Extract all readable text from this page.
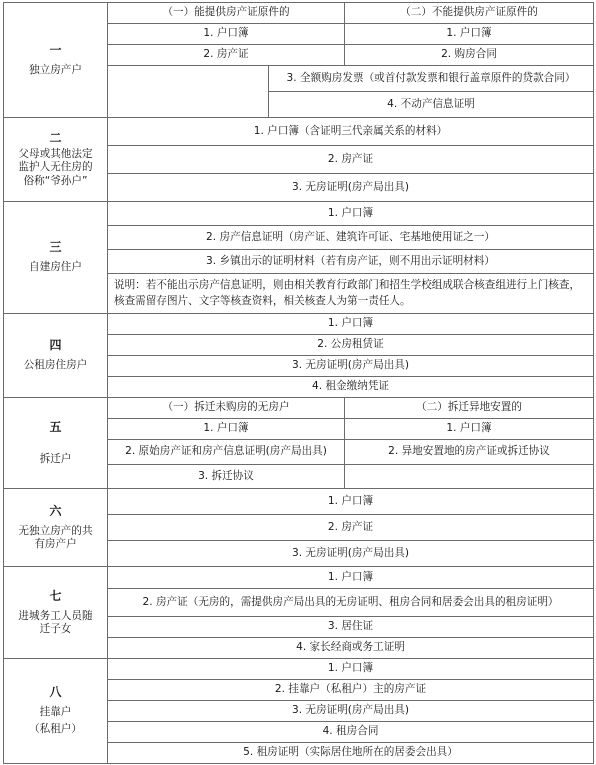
一
独立房产户	（一）能提供房产证原件的		（二）不能提供房产证原件的
	1. 户口簿		1. 户口簿
	2. 房产证		2. 购房合同
		3. 全额购房发票（或首付款发票和银行盖章原件的贷款合同）	
		4. 不动产信息证明	

二
父母或其他法定
监护人无住房的
俗称“爷孙户”	1. 户口簿（含证明三代亲属关系的材料）		
	2. 房产证		
	3. 无房证明(房产局出具)		

三
自建房住户	1. 户口簿		
	2. 房产信息证明（房产证、建筑许可证、宅基地使用证之一）		
	3. 乡镇出示的证明材料（若有房产证，则不用出示证明材料）		
	说明：若不能出示房产信息证明，则由相关教育行政部门和招生学校组成联合核查组进行上门核查，核查需留存图片、文字等核查资料，相关核查人为第一责任人。		

四
公租房住房户	1. 户口簿		
	2. 公房租赁证		
	3. 无房证明(房产局出具)		
	4. 租金缴纳凭证		

五
拆迁户	（一）拆迁未购房的无房户		（二）拆迁异地安置的
	1. 户口簿		1. 户口簿
	2. 原始房产证和房产信息证明(房产局出具)		2. 异地安置地的房产证或拆迁协议

	3. 拆迁协议		

六
无独立房产的共
有房产户	1. 户口簿		
	2. 房产证		
	3. 无房证明(房产局出具)		

七
进城务工人员随
迁子女	1. 户口簿		
	2. 房产证（无房的，需提供房产局出具的无房证明、租房合同和居委会出具的租房证明）		
	3. 居住证		
	4. 家长经商或务工证明		

八
挂靠户
（私租户）	1. 户口簿		
	2. 挂靠户（私租户）主的房产证		
	3. 无房证明(房产局出具)		
	4. 租房合同		
	5. 租房证明（实际居住地所在的居委会出具）		
